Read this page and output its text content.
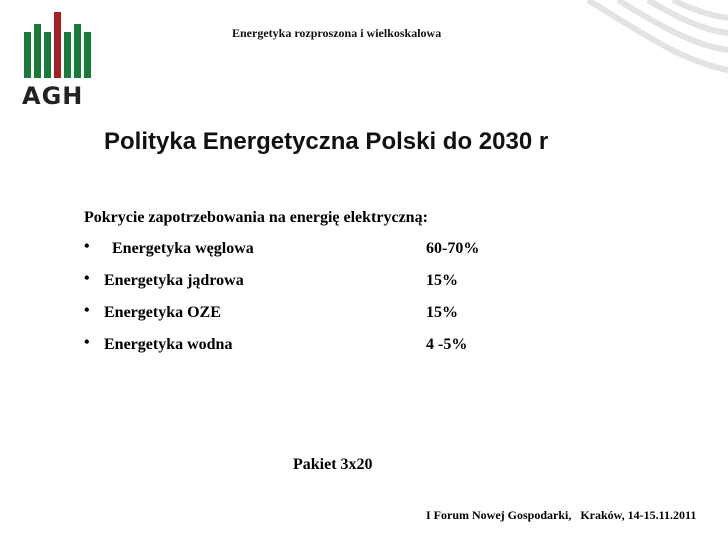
AGH
Energetyka rozproszona i wielkoskalowa
Polityka Energetyczna Polski do 2030 r
Pokrycie zapotrzebowania na energię elektryczną:
• Energetyka węglowa	60-70%
• Energetyka jądrowa	15%
• Energetyka OZE	15%
• Energetyka wodna	4 -5%
Pakiet 3x20
I Forum Nowej Gospodarki,   Kraków, 14-15.11.2011
